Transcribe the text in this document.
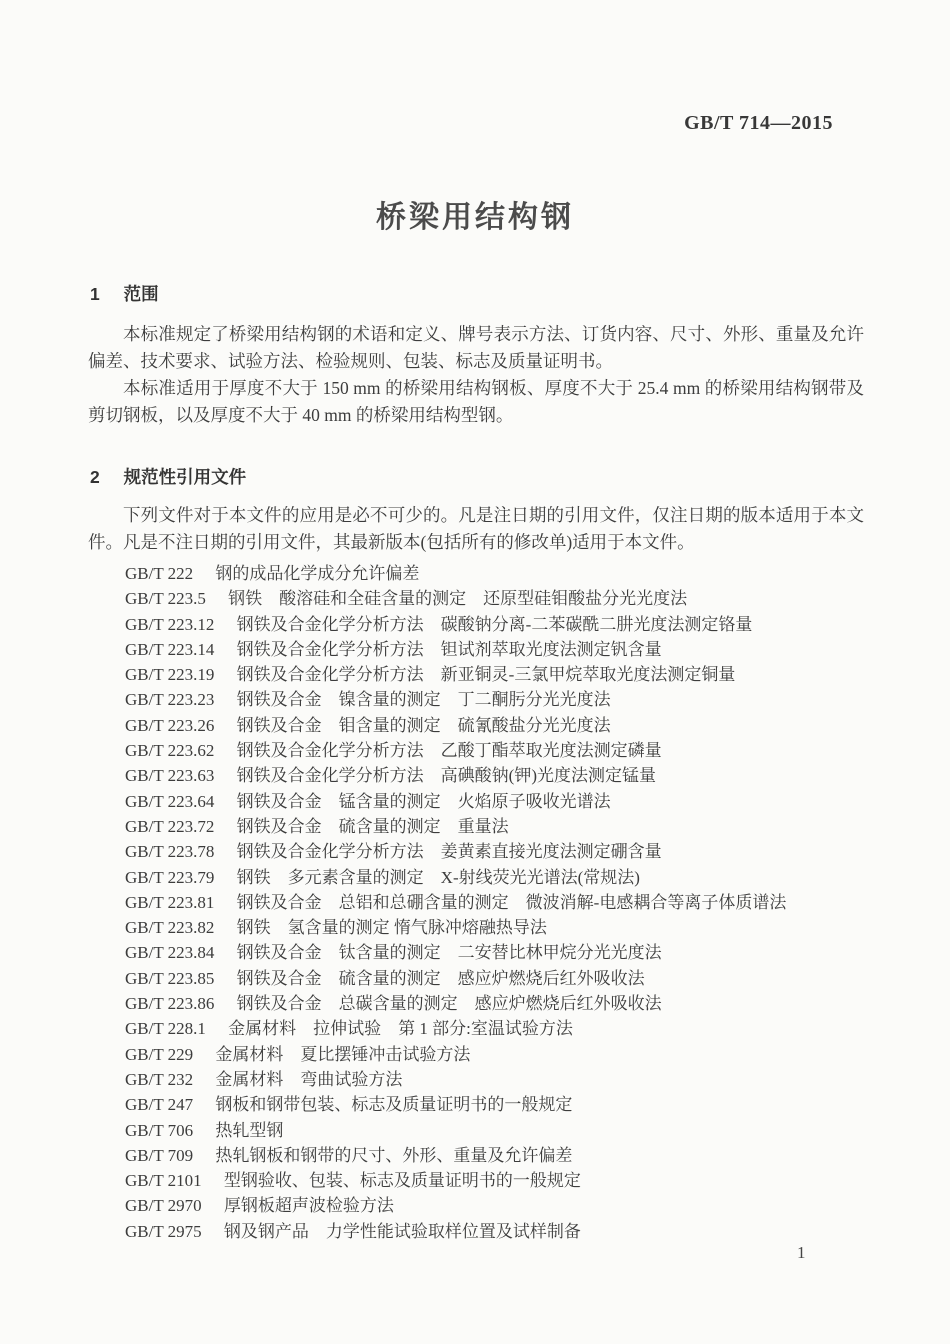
GB/T 714—2015
桥梁用结构钢
1 范围

本标准规定了桥梁用结构钢的术语和定义、牌号表示方法、订货内容、尺寸、外形、重量及允许偏差、技术要求、试验方法、检验规则、包装、标志及质量证明书。

本标准适用于厚度不大于 150 mm 的桥梁用结构钢板、厚度不大于 25.4 mm 的桥梁用结构钢带及剪切钢板，以及厚度不大于 40 mm 的桥梁用结构型钢。

2 规范性引用文件

下列文件对于本文件的应用是必不可少的。凡是注日期的引用文件，仅注日期的版本适用于本文件。凡是不注日期的引用文件，其最新版本(包括所有的修改单)适用于本文件。

GB/T 222 钢的成品化学成分允许偏差
GB/T 223.5 钢铁　酸溶硅和全硅含量的测定　还原型硅钼酸盐分光光度法
GB/T 223.12 钢铁及合金化学分析方法　碳酸钠分离-二苯碳酰二肼光度法测定铬量
GB/T 223.14 钢铁及合金化学分析方法　钽试剂萃取光度法测定钒含量
GB/T 223.19 钢铁及合金化学分析方法　新亚铜灵-三氯甲烷萃取光度法测定铜量
GB/T 223.23 钢铁及合金　镍含量的测定　丁二酮肟分光光度法
GB/T 223.26 钢铁及合金　钼含量的测定　硫氰酸盐分光光度法
GB/T 223.62 钢铁及合金化学分析方法　乙酸丁酯萃取光度法测定磷量
GB/T 223.63 钢铁及合金化学分析方法　高碘酸钠(钾)光度法测定锰量
GB/T 223.64 钢铁及合金　锰含量的测定　火焰原子吸收光谱法
GB/T 223.72 钢铁及合金　硫含量的测定　重量法
GB/T 223.78 钢铁及合金化学分析方法　姜黄素直接光度法测定硼含量
GB/T 223.79 钢铁　多元素含量的测定　X-射线荧光光谱法(常规法)
GB/T 223.81 钢铁及合金　总铝和总硼含量的测定　微波消解-电感耦合等离子体质谱法
GB/T 223.82 钢铁　氢含量的测定 惰气脉冲熔融热导法
GB/T 223.84 钢铁及合金　钛含量的测定　二安替比林甲烷分光光度法
GB/T 223.85 钢铁及合金　硫含量的测定　感应炉燃烧后红外吸收法
GB/T 223.86 钢铁及合金　总碳含量的测定　感应炉燃烧后红外吸收法
GB/T 228.1 金属材料　拉伸试验　第 1 部分:室温试验方法
GB/T 229 金属材料　夏比摆锤冲击试验方法
GB/T 232 金属材料　弯曲试验方法
GB/T 247 钢板和钢带包装、标志及质量证明书的一般规定
GB/T 706 热轧型钢
GB/T 709 热轧钢板和钢带的尺寸、外形、重量及允许偏差
GB/T 2101 型钢验收、包装、标志及质量证明书的一般规定
GB/T 2970 厚钢板超声波检验方法
GB/T 2975 钢及钢产品　力学性能试验取样位置及试样制备
1
